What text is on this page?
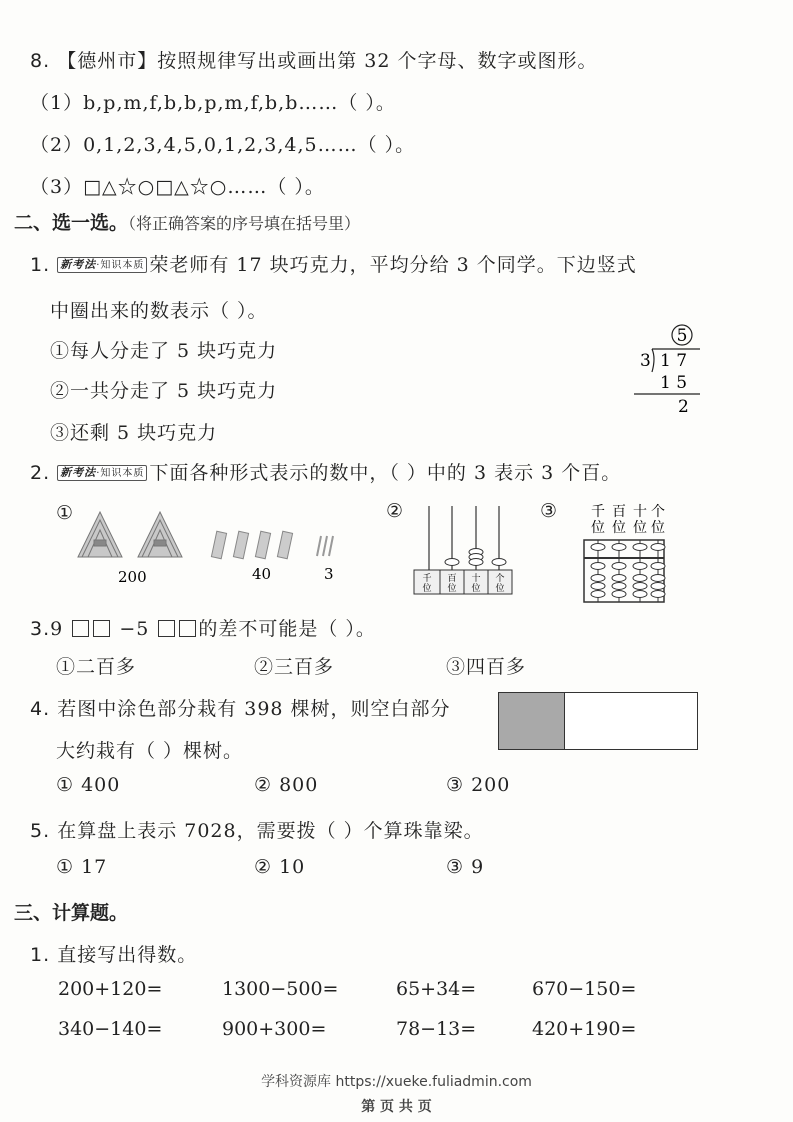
8. 【德州市】按照规律写出或画出第 32 个字母、数字或图形。
（1）b,p,m,f,b,b,p,m,f,b,b……（ ）。
（2）0,1,2,3,4,5,0,1,2,3,4,5……（ ）。
（3）□△☆○□△☆○……（ ）。
二、选一选。（将正确答案的序号填在括号里）
1. 新考法·知识本质 荣老师有 17 块巧克力，平均分给 3 个同学。下边竖式
中圈出来的数表示（ ）。
①每人分走了 5 块巧克力
②一共分走了 5 块巧克力
③还剩 5 块巧克力
5
3 1 7
1 5
2
2. 新考法·知识本质 下面各种形式表示的数中，（ ）中的 3 表示 3 个百。
①
200	40	3
②
千位
百位
十位
个位
③ 千 百 十 个
位 位 位 位
3.9	−5	的差不可能是（ ）。
①二百多	②三百多	③四百多
4. 若图中涂色部分栽有 398 棵树，则空白部分
大约栽有（ ）棵树。
① 400	② 800	③ 200
5. 在算盘上表示 7028，需要拨（ ）个算珠靠梁。
① 17	② 10	③ 9
三、计算题。
1. 直接写出得数。
200+120=	1300−500=	65+34=	670−150=
340−140=	900+300=	78−13=	420+190=
学科资源库 https://xueke.fuliadmin.com
第 页 共 页
